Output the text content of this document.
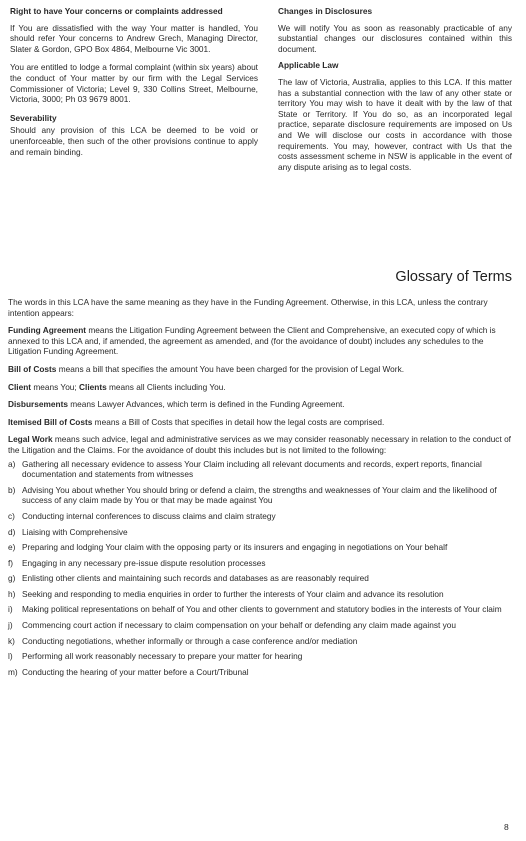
Right to have Your concerns or complaints addressed

If You are dissatisfied with the way Your matter is handled, You should refer Your concerns to Andrew Grech, Managing Director, Slater & Gordon, GPO Box 4864, Melbourne Vic 3001.

You are entitled to lodge a formal complaint (within six years) about the conduct of Your matter by our firm with the Legal Services Commissioner of Victoria; Level 9, 330 Collins Street, Melbourne, Victoria, 3000; Ph 03 9679 8001.

Severability

Should any provision of this LCA be deemed to be void or unenforceable, then such of the other provisions continue to apply and remain binding.

Changes in Disclosures

We will notify You as soon as reasonably practicable of any substantial changes our disclosures contained within this document.

Applicable Law

The law of Victoria, Australia, applies to this LCA. If this matter has a substantial connection with the law of any other state or territory You may wish to have it dealt with by the law of that State or Territory. If You do so, as an incorporated legal practice, separate disclosure requirements are imposed on Us and We will disclose our costs in accordance with those requirements. You may, however, contract with Us that the costs assessment scheme in NSW is applicable in the event of any dispute arising as to legal costs.

Glossary of Terms

The words in this LCA have the same meaning as they have in the Funding Agreement. Otherwise, in this LCA, unless the contrary intention appears:

Funding Agreement means the Litigation Funding Agreement between the Client and Comprehensive, an executed copy of which is annexed to this LCA and, if amended, the agreement as amended, and (for the avoidance of doubt) includes any schedules to the Litigation Funding Agreement.

Bill of Costs means a bill that specifies the amount You have been charged for the provision of Legal Work.

Client means You; Clients means all Clients including You.

Disbursements means Lawyer Advances, which term is defined in the Funding Agreement.

Itemised Bill of Costs means a Bill of Costs that specifies in detail how the legal costs are comprised.

Legal Work means such advice, legal and administrative services as we may consider reasonably necessary in relation to the conduct of the Litigation and the Claims. For the avoidance of doubt this includes but is not limited to the following:

a) Gathering all necessary evidence to assess Your Claim including all relevant documents and records, expert reports, financial documentation and statements from witnesses
b) Advising You about whether You should bring or defend a claim, the strengths and weaknesses of Your claim and the likelihood of success of any claim made by You or that may be made against You
c) Conducting internal conferences to discuss claims and claim strategy
d) Liaising with Comprehensive
e) Preparing and lodging Your claim with the opposing party or its insurers and engaging in negotiations on Your behalf
f) Engaging in any necessary pre-issue dispute resolution processes
g) Enlisting other clients and maintaining such records and databases as are reasonably required
h) Seeking and responding to media enquiries in order to further the interests of Your claim and advance its resolution
i) Making political representations on behalf of You and other clients to government and statutory bodies in the interests of Your claim
j) Commencing court action if necessary to claim compensation on your behalf or defending any claim made against you
k) Conducting negotiations, whether informally or through a case conference and/or mediation
l) Performing all work reasonably necessary to prepare your matter for hearing
m) Conducting the hearing of your matter before a Court/Tribunal
8
